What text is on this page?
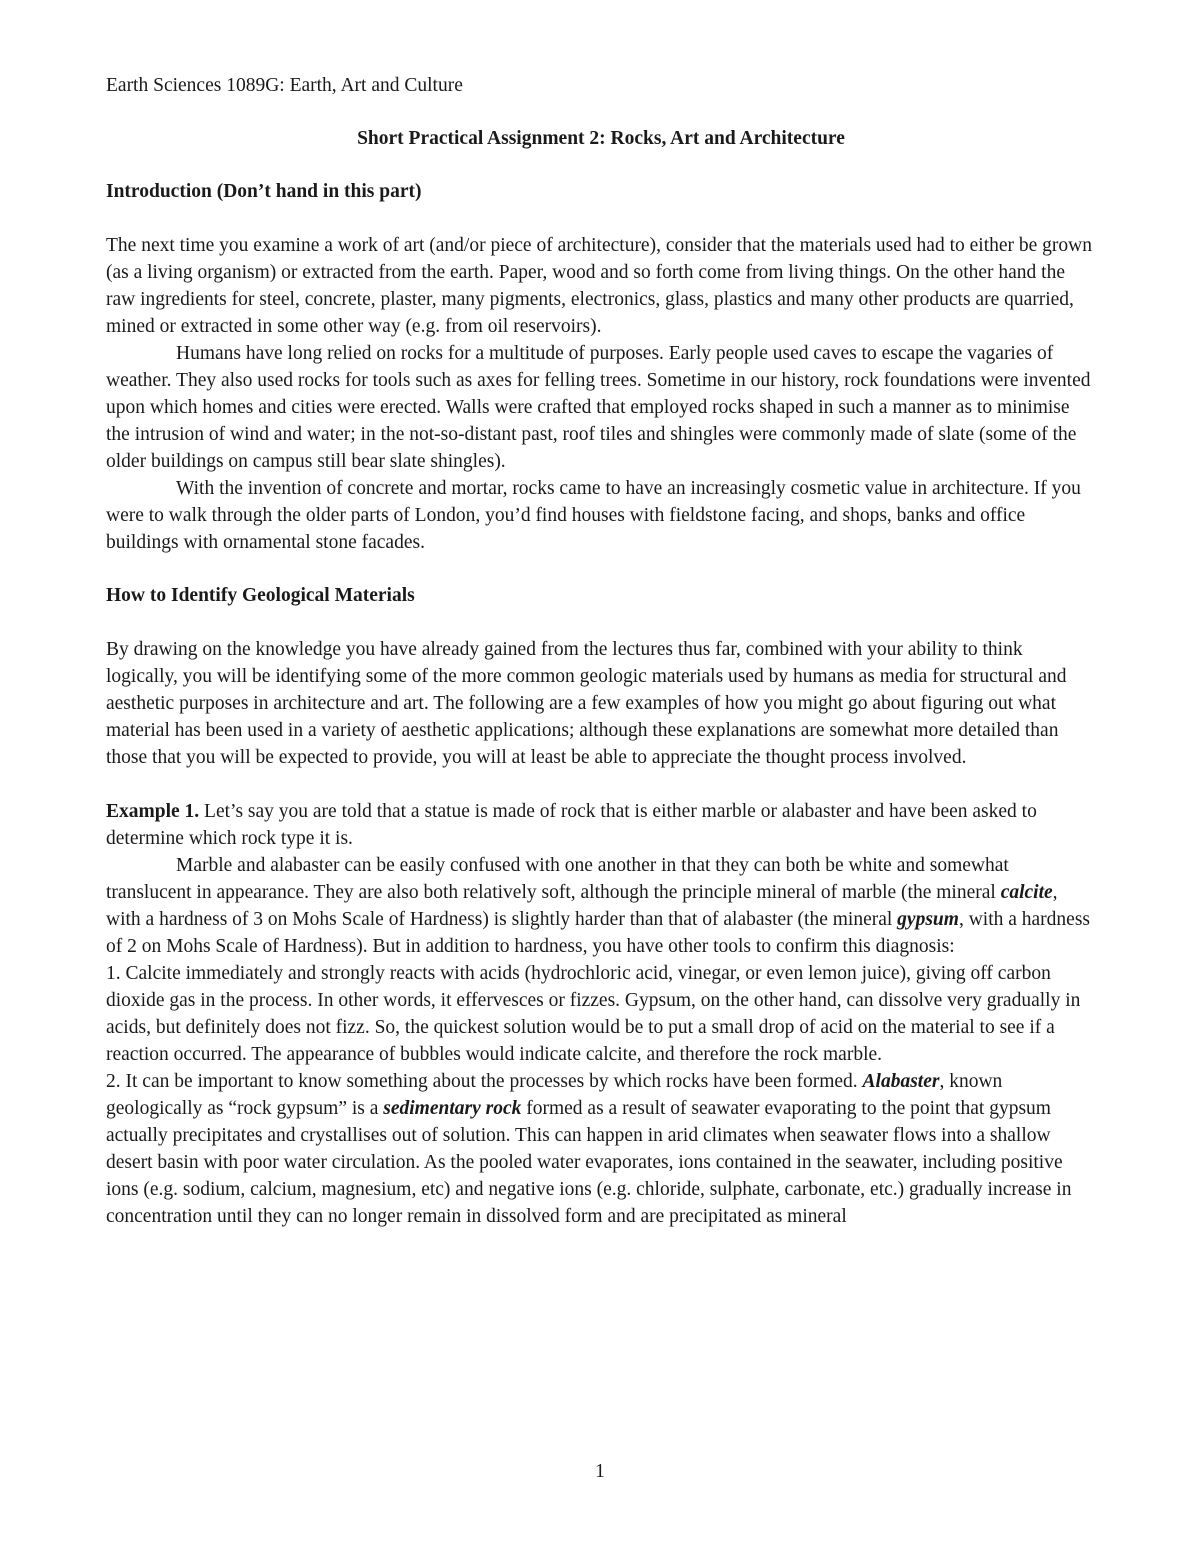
Earth Sciences 1089G: Earth, Art and Culture

Short Practical Assignment 2: Rocks, Art and Architecture

Introduction (Don’t hand in this part)

The next time you examine a work of art (and/or piece of architecture), consider that the materials used had to either be grown (as a living organism) or extracted from the earth. Paper, wood and so forth come from living things. On the other hand the raw ingredients for steel, concrete, plaster, many pigments, electronics, glass, plastics and many other products are quarried, mined or extracted in some other way (e.g. from oil reservoirs).

Humans have long relied on rocks for a multitude of purposes. Early people used caves to escape the vagaries of weather. They also used rocks for tools such as axes for felling trees. Sometime in our history, rock foundations were invented upon which homes and cities were erected. Walls were crafted that employed rocks shaped in such a manner as to minimise the intrusion of wind and water; in the not-so-distant past, roof tiles and shingles were commonly made of slate (some of the older buildings on campus still bear slate shingles).

With the invention of concrete and mortar, rocks came to have an increasingly cosmetic value in architecture. If you were to walk through the older parts of London, you’d find houses with fieldstone facing, and shops, banks and office buildings with ornamental stone facades.

How to Identify Geological Materials

By drawing on the knowledge you have already gained from the lectures thus far, combined with your ability to think logically, you will be identifying some of the more common geologic materials used by humans as media for structural and aesthetic purposes in architecture and art. The following are a few examples of how you might go about figuring out what material has been used in a variety of aesthetic applications; although these explanations are somewhat more detailed than those that you will be expected to provide, you will at least be able to appreciate the thought process involved.

Example 1. Let’s say you are told that a statue is made of rock that is either marble or alabaster and have been asked to determine which rock type it is.

Marble and alabaster can be easily confused with one another in that they can both be white and somewhat translucent in appearance. They are also both relatively soft, although the principle mineral of marble (the mineral calcite, with a hardness of 3 on Mohs Scale of Hardness) is slightly harder than that of alabaster (the mineral gypsum, with a hardness of 2 on Mohs Scale of Hardness). But in addition to hardness, you have other tools to confirm this diagnosis:

1. Calcite immediately and strongly reacts with acids (hydrochloric acid, vinegar, or even lemon juice), giving off carbon dioxide gas in the process. In other words, it effervesces or fizzes. Gypsum, on the other hand, can dissolve very gradually in acids, but definitely does not fizz. So, the quickest solution would be to put a small drop of acid on the material to see if a reaction occurred. The appearance of bubbles would indicate calcite, and therefore the rock marble.

2. It can be important to know something about the processes by which rocks have been formed. Alabaster, known geologically as “rock gypsum” is a sedimentary rock formed as a result of seawater evaporating to the point that gypsum actually precipitates and crystallises out of solution. This can happen in arid climates when seawater flows into a shallow desert basin with poor water circulation. As the pooled water evaporates, ions contained in the seawater, including positive ions (e.g. sodium, calcium, magnesium, etc) and negative ions (e.g. chloride, sulphate, carbonate, etc.) gradually increase in concentration until they can no longer remain in dissolved form and are precipitated as mineral

1
